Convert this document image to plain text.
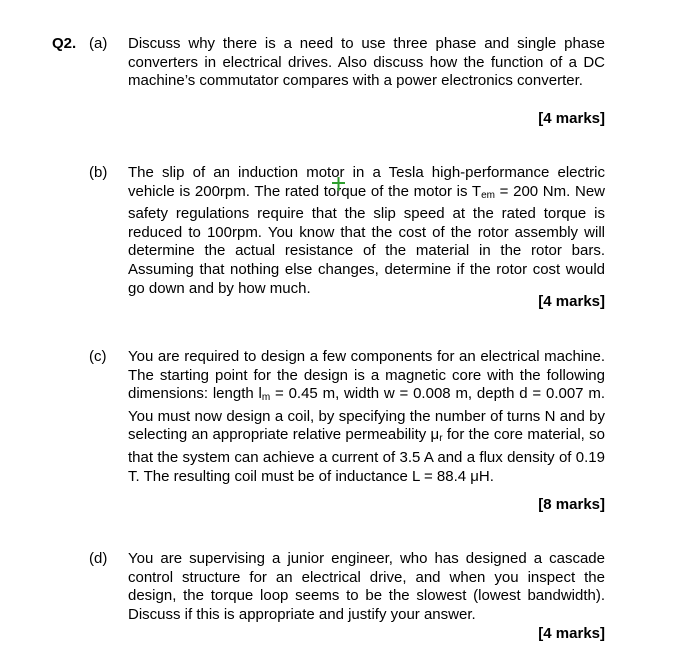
Q2. (a) Discuss why there is a need to use three phase and single phase converters in electrical drives. Also discuss how the function of a DC machine’s commutator compares with a power electronics converter.
[4 marks]
(b) The slip of an induction motor in a Tesla high-performance electric vehicle is 200rpm. The rated torque of the motor is $T_{em} = 200$ Nm. New safety regulations require that the slip speed at the rated torque is reduced to 100rpm. You know that the cost of the rotor assembly will determine the actual resistance of the material in the rotor bars. Assuming that nothing else changes, determine if the rotor cost would go down and by how much.
[4 marks]
(c) You are required to design a few components for an electrical machine. The starting point for the design is a magnetic core with the following dimensions: length $l_m = 0.45$ m, width w = 0.008 m, depth d = 0.007 m. You must now design a coil, by specifying the number of turns N and by selecting an appropriate relative permeability $\mu_r$ for the core material, so that the system can achieve a current of 3.5 A and a flux density of 0.19 T. The resulting coil must be of inductance L = 88.4 μH.
[8 marks]
(d) You are supervising a junior engineer, who has designed a cascade control structure for an electrical drive, and when you inspect the design, the torque loop seems to be the slowest (lowest bandwidth). Discuss if this is appropriate and justify your answer.
[4 marks]
